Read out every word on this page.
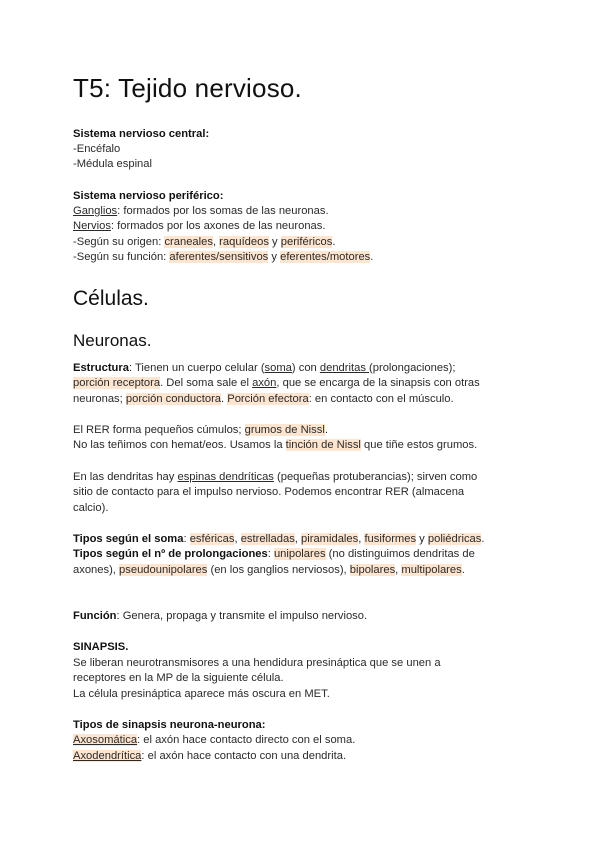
T5: Tejido nervioso.
Sistema nervioso central:
-Encéfalo
-Médula espinal
Sistema nervioso periférico:
Ganglios: formados por los somas de las neuronas.
Nervios: formados por los axones de las neuronas.
-Según su origen: craneales, raquídeos y periféricos.
-Según su función: aferentes/sensitivos y eferentes/motores.
Células.
Neuronas.
Estructura: Tienen un cuerpo celular (soma) con dendritas (prolongaciones);
porción receptora. Del soma sale el axón, que se encarga de la sinapsis con otras
neuronas; porción conductora. Porción efectora: en contacto con el músculo.
El RER forma pequeños cúmulos; grumos de Nissl.
No las teñimos con hemat/eos. Usamos la tinción de Nissl que tiñe estos grumos.
En las dendritas hay espinas dendríticas (pequeñas protuberancias); sirven como
sitio de contacto para el impulso nervioso. Podemos encontrar RER (almacena
calcio).
Tipos según el soma: esféricas, estrelladas, piramidales, fusiformes y poliédricas.
Tipos según el nº de prolongaciones: unipolares (no distinguimos dendritas de
axones), pseudounipolares (en los ganglios nerviosos), bipolares, multipolares.
Función: Genera, propaga y transmite el impulso nervioso.
SINAPSIS.
Se liberan neurotransmisores a una hendidura presináptica que se unen a
receptores en la MP de la siguiente célula.
La célula presináptica aparece más oscura en MET.
Tipos de sinapsis neurona-neurona:
Axosomática: el axón hace contacto directo con el soma.
Axodendrítica: el axón hace contacto con una dendrita.
